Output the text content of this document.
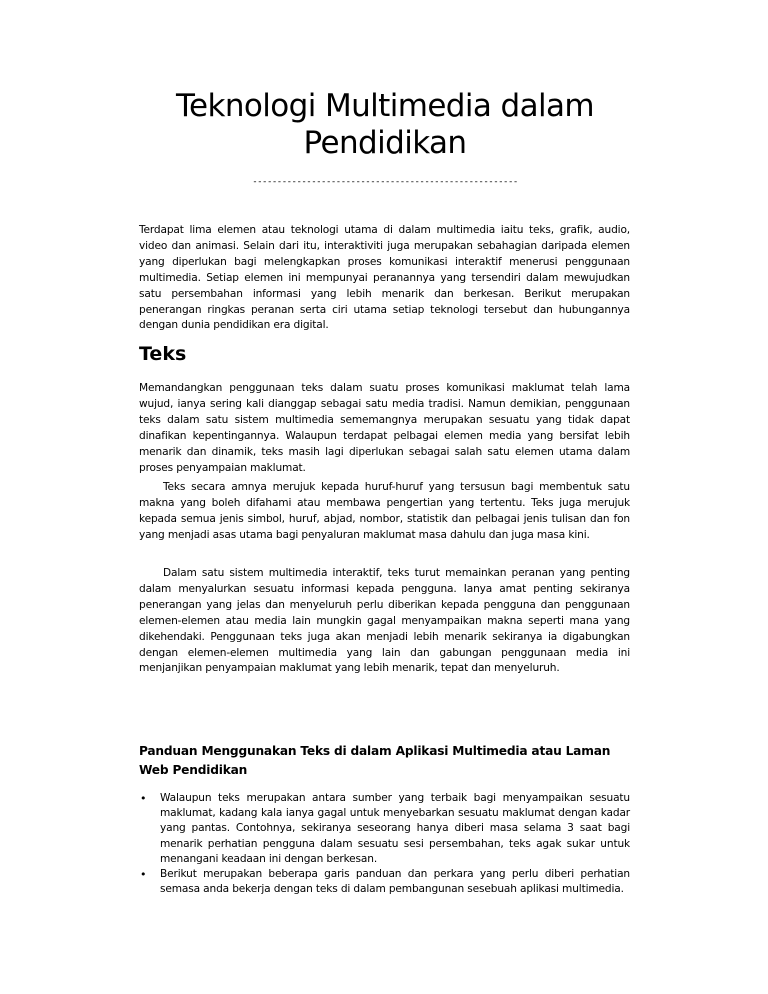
Teknologi Multimedia dalam Pendidikan
------------------------------------------------------

Terdapat lima elemen atau teknologi utama di dalam multimedia iaitu teks, grafik, audio, video dan animasi. Selain dari itu, interaktiviti juga merupakan sebahagian daripada elemen yang diperlukan bagi melengkapkan proses komunikasi interaktif menerusi penggunaan multimedia. Setiap elemen ini mempunyai peranannya yang tersendiri dalam mewujudkan satu persembahan informasi yang lebih menarik dan berkesan. Berikut merupakan penerangan ringkas peranan serta ciri utama setiap teknologi tersebut dan hubungannya dengan dunia pendidikan era digital.

Teks

Memandangkan penggunaan teks dalam suatu proses komunikasi maklumat telah lama wujud, ianya sering kali dianggap sebagai satu media tradisi. Namun demikian, penggunaan teks dalam satu sistem multimedia sememangnya merupakan sesuatu yang tidak dapat dinafikan kepentingannya. Walaupun terdapat pelbagai elemen media yang bersifat lebih menarik dan dinamik, teks masih lagi diperlukan sebagai salah satu elemen utama dalam proses penyampaian maklumat.

Teks secara amnya merujuk kepada huruf-huruf yang tersusun bagi membentuk satu makna yang boleh difahami atau membawa pengertian yang tertentu. Teks juga merujuk kepada semua jenis simbol, huruf, abjad, nombor, statistik dan pelbagai jenis tulisan dan fon yang menjadi asas utama bagi penyaluran maklumat masa dahulu dan juga masa kini.

Dalam satu sistem multimedia interaktif, teks turut memainkan peranan yang penting dalam menyalurkan sesuatu informasi kepada pengguna. Ianya amat penting sekiranya penerangan yang jelas dan menyeluruh perlu diberikan kepada pengguna dan penggunaan elemen-elemen atau media lain mungkin gagal menyampaikan makna seperti mana yang dikehendaki. Penggunaan teks juga akan menjadi lebih menarik sekiranya ia digabungkan dengan elemen-elemen multimedia yang lain dan gabungan penggunaan media ini menjanjikan penyampaian maklumat yang lebih menarik, tepat dan menyeluruh.

Panduan Menggunakan Teks di dalam Aplikasi Multimedia atau Laman Web Pendidikan
• Walaupun teks merupakan antara sumber yang terbaik bagi menyampaikan sesuatu maklumat, kadang kala ianya gagal untuk menyebarkan sesuatu maklumat dengan kadar yang pantas. Contohnya, sekiranya seseorang hanya diberi masa selama 3 saat bagi menarik perhatian pengguna dalam sesuatu sesi persembahan, teks agak sukar untuk menangani keadaan ini dengan berkesan.
• Berikut merupakan beberapa garis panduan dan perkara yang perlu diberi perhatian semasa anda bekerja dengan teks di dalam pembangunan sesebuah aplikasi multimedia.
